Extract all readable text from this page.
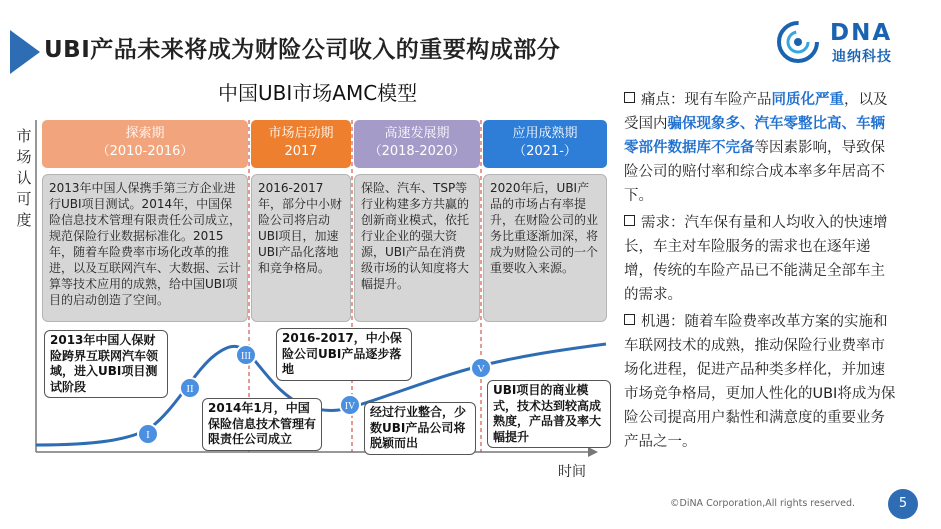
UBI产品未来将成为财险公司收入的重要构成部分
DNA
迪纳科技
中国UBI市场AMC模型
I
II
III
IV
V
市场认可度
时间
探索期
（2010-2016）
市场启动期
2017
高速发展期
（2018-2020）
应用成熟期
（2021-）
2013年中国人保携手第三方企业进行UBI项目测试。2014年，中国保险信息技术管理有限责任公司成立，规范保险行业数据标准化。2015年，随着车险费率市场化改革的推进，以及互联网汽车、大数据、云计算等技术应用的成熟，给中国UBI项目的启动创造了空间。
2016-2017年，部分中小财险公司将启动UBI项目，加速UBI产品化落地和竞争格局。
保险、汽车、TSP等行业构建多方共赢的创新商业模式，依托行业企业的强大资源，UBI产品在消费级市场的认知度将大幅提升。
2020年后，UBI产品的市场占有率提升，在财险公司的业务比重逐渐加深，将成为财险公司的一个重要收入来源。
2013年中国人保财险跨界互联网汽车领域，进入UBI项目测试阶段
2014年1月，中国保险信息技术管理有限责任公司成立
2016-2017，中小保险公司UBI产品逐步落地
经过行业整合，少数UBI产品公司将脱颖而出
UBI项目的商业模式，技术达到较高成熟度，产品普及率大幅提升
痛点：现有车险产品同质化严重，以及受国内骗保现象多、汽车零整比高、车辆零部件数据库不完备等因素影响，导致保险公司的赔付率和综合成本率多年居高不下。
需求：汽车保有量和人均收入的快速增长，车主对车险服务的需求也在逐年递增，传统的车险产品已不能满足全部车主的需求。
机遇：随着车险费率改革方案的实施和车联网技术的成熟，推动保险行业费率市场化进程，促进产品种类多样化，并加速市场竞争格局，更加人性化的UBI将成为保险公司提高用户黏性和满意度的重要业务产品之一。
©DiNA Corporation,All rights reserved.	5
